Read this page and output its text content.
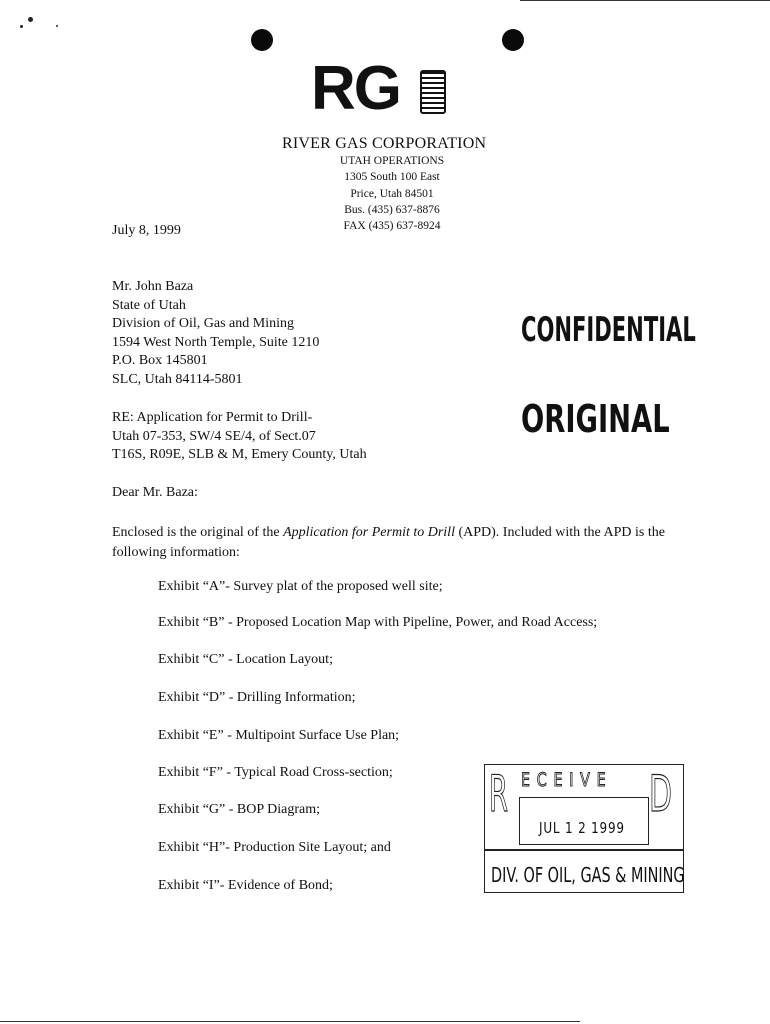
RG
RIVER GAS CORPORATION
UTAH OPERATIONS
1305 South 100 East
Price, Utah 84501
Bus. (435) 637-8876
FAX (435) 637-8924
July 8, 1999
Mr. John Baza
State of Utah
Division of Oil, Gas and Mining
1594 West North Temple, Suite 1210
P.O. Box 145801
SLC, Utah 84114-5801
RE: Application for Permit to Drill-
Utah 07-353, SW/4 SE/4, of Sect.07
T16S, R09E, SLB & M, Emery County, Utah
CONFIDENTIAL
ORIGINAL
Dear Mr. Baza:
Enclosed is the original of the Application for Permit to Drill (APD). Included with the APD is the following information:
Exhibit “A”- Survey plat of the proposed well site;
Exhibit “B” - Proposed Location Map with Pipeline, Power, and Road Access;
Exhibit “C” - Location Layout;
Exhibit “D” - Drilling Information;
Exhibit “E” - Multipoint Surface Use Plan;
Exhibit “F” - Typical Road Cross-section;
Exhibit “G” - BOP Diagram;
Exhibit “H”- Production Site Layout; and
Exhibit “I”- Evidence of Bond;
R ECEIVE D
JUL 1 2 1999
DIV. OF OIL, GAS & MINING
